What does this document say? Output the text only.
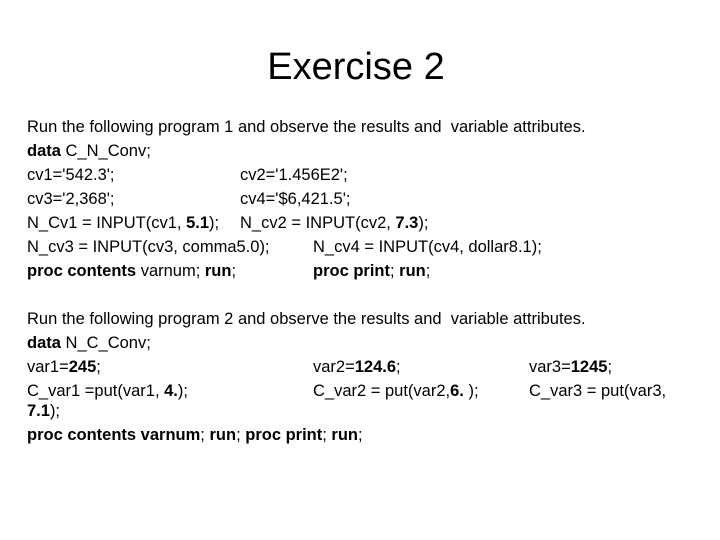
Exercise 2
Run the following program 1 and observe the results and  variable attributes.
data C_N_Conv;
cv1='542.3';	cv2='1.456E2';
cv3='2,368';	cv4='$6,421.5';
N_Cv1 = INPUT(cv1, 5.1); N_cv2 = INPUT(cv2, 7.3);
N_cv3 = INPUT(cv3, comma5.0);	N_cv4 = INPUT(cv4, dollar8.1);
proc contents varnum; run;	proc print; run;
Run the following program 2 and observe the results and  variable attributes.
data N_C_Conv;
var1=245;	var2=124.6;	var3=1245;
C_var1 =put(var1, 4.);	C_var2 = put(var2,6. );	C_var3 = put(var3,
7.1);
proc contents varnum; run; proc print; run;
